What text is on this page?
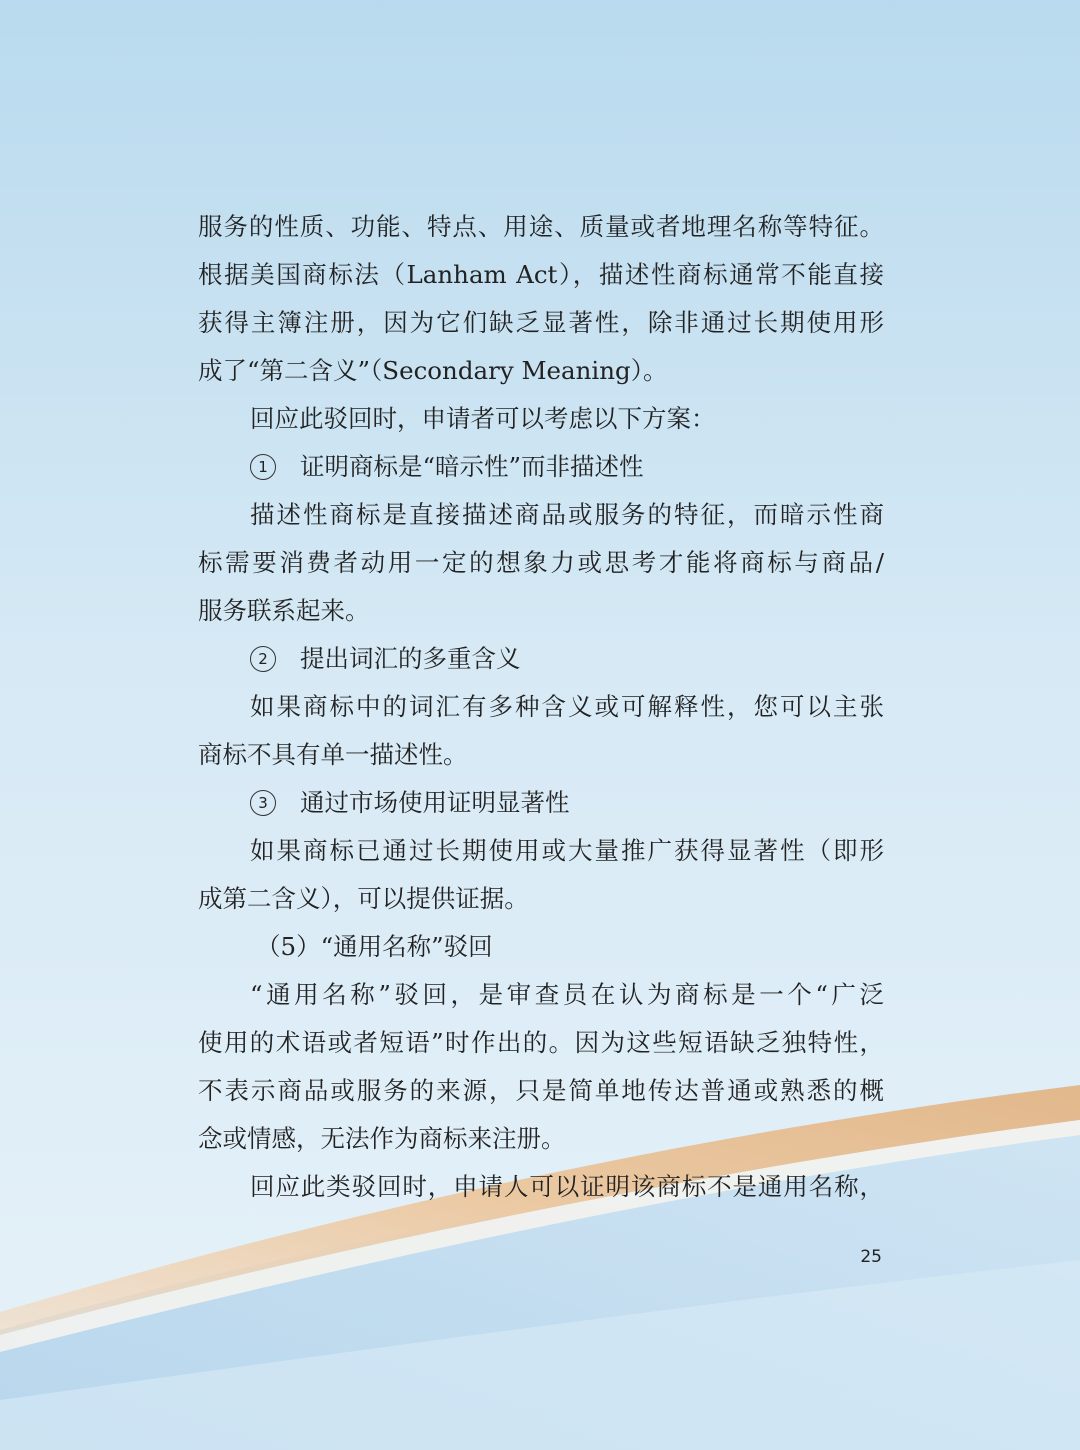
服务的性质、功能、特点、用途、质量或者地理名称等特征。
根据美国商标法（Lanham Act），描述性商标通常不能直接
获得主簿注册，因为它们缺乏显著性，除非通过长期使用形
成了“第二含义”（Secondary Meaning）。
回应此驳回时，申请者可以考虑以下方案：
1 证明商标是“暗示性”而非描述性
描述性商标是直接描述商品或服务的特征，而暗示性商
标需要消费者动用一定的想象力或思考才能将商标与商品/
服务联系起来。
2 提出词汇的多重含义
如果商标中的词汇有多种含义或可解释性，您可以主张
商标不具有单一描述性。
3 通过市场使用证明显著性
如果商标已通过长期使用或大量推广获得显著性（即形
成第二含义），可以提供证据。
（5）“通用名称”驳回
“通用名称”驳回，是审查员在认为商标是一个“广泛
使用的术语或者短语”时作出的。因为这些短语缺乏独特性，
不表示商品或服务的来源，只是简单地传达普通或熟悉的概
念或情感，无法作为商标来注册。
回应此类驳回时，申请人可以证明该商标不是通用名称，
25
